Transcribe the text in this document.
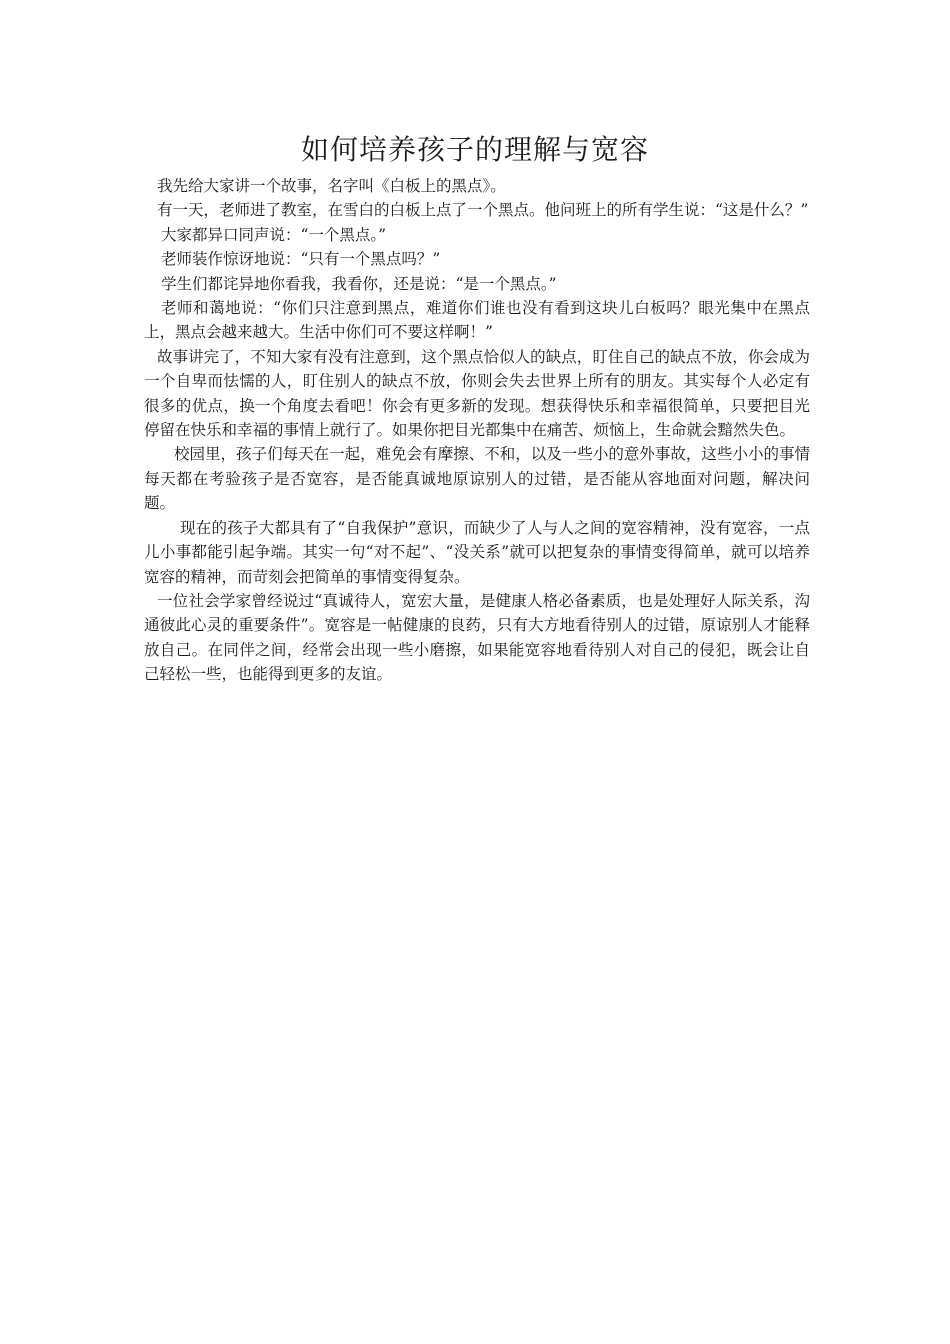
如何培养孩子的理解与宽容

我先给大家讲一个故事，名字叫《白板上的黑点》。

有一天，老师进了教室，在雪白的白板上点了一个黑点。他问班上的所有学生说：“这是什么？”

大家都异口同声说：“一个黑点。”

老师装作惊讶地说：“只有一个黑点吗？”

学生们都诧异地你看我，我看你，还是说：“是一个黑点。”

老师和蔼地说：“你们只注意到黑点，难道你们谁也没有看到这块儿白板吗？眼光集中在黑点上，黑点会越来越大。生活中你们可不要这样啊！”

故事讲完了，不知大家有没有注意到，这个黑点恰似人的缺点，盯住自己的缺点不放，你会成为一个自卑而怯懦的人，盯住别人的缺点不放，你则会失去世界上所有的朋友。其实每个人必定有很多的优点，换一个角度去看吧！你会有更多新的发现。想获得快乐和幸福很简单，只要把目光停留在快乐和幸福的事情上就行了。如果你把目光都集中在痛苦、烦恼上，生命就会黯然失色。

校园里，孩子们每天在一起，难免会有摩擦、不和，以及一些小的意外事故，这些小小的事情每天都在考验孩子是否宽容，是否能真诚地原谅别人的过错，是否能从容地面对问题，解决问题。

现在的孩子大都具有了“自我保护”意识，而缺少了人与人之间的宽容精神，没有宽容，一点儿小事都能引起争端。其实一句“对不起”、“没关系”就可以把复杂的事情变得简单，就可以培养宽容的精神，而苛刻会把简单的事情变得复杂。

一位社会学家曾经说过“真诚待人，宽宏大量，是健康人格必备素质，也是处理好人际关系，沟通彼此心灵的重要条件”。宽容是一帖健康的良药，只有大方地看待别人的过错，原谅别人才能释放自己。在同伴之间，经常会出现一些小磨擦，如果能宽容地看待别人对自己的侵犯，既会让自己轻松一些，也能得到更多的友谊。
